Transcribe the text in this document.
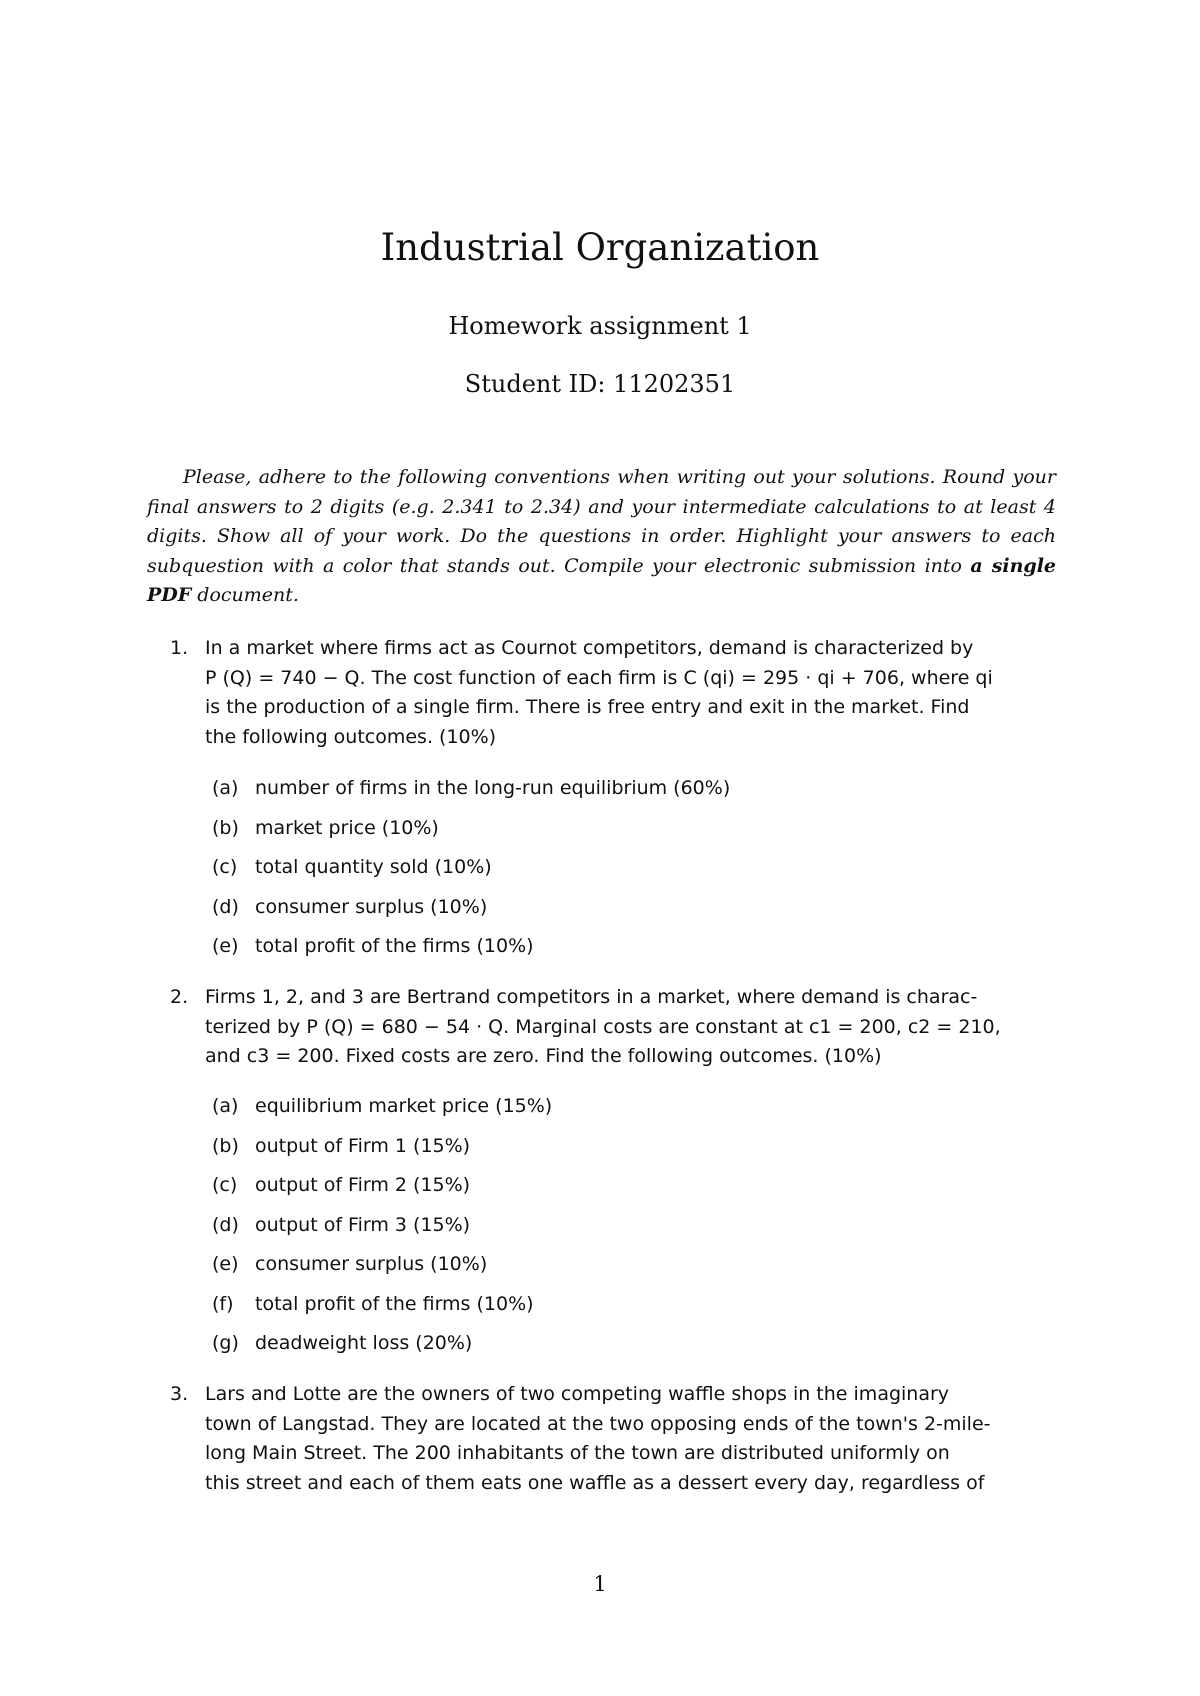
Industrial Organization
Homework assignment 1
Student ID: 11202351

Please, adhere to the following conventions when writing out your solutions. Round your final answers to 2 digits (e.g. 2.341 to 2.34) and your intermediate calculations to at least 4 digits. Show all of your work. Do the questions in order. Highlight your answers to each subquestion with a color that stands out. Compile your electronic submission into a single PDF document.

1. In a market where firms act as Cournot competitors, demand is characterized by
P (Q) = 740 − Q. The cost function of each firm is C (qi) = 295 · qi + 706, where qi
is the production of a single firm. There is free entry and exit in the market. Find
the following outcomes. (10%)
(a) number of firms in the long-run equilibrium (60%)
(b) market price (10%)
(c) total quantity sold (10%)
(d) consumer surplus (10%)
(e) total profit of the firms (10%)
2. Firms 1, 2, and 3 are Bertrand competitors in a market, where demand is charac-
terized by P (Q) = 680 − 54 · Q. Marginal costs are constant at c1 = 200, c2 = 210,
and c3 = 200. Fixed costs are zero. Find the following outcomes. (10%)
(a) equilibrium market price (15%)
(b) output of Firm 1 (15%)
(c) output of Firm 2 (15%)
(d) output of Firm 3 (15%)
(e) consumer surplus (10%)
(f) total profit of the firms (10%)
(g) deadweight loss (20%)
3. Lars and Lotte are the owners of two competing waffle shops in the imaginary
town of Langstad. They are located at the two opposing ends of the town's 2-mile-
long Main Street. The 200 inhabitants of the town are distributed uniformly on
this street and each of them eats one waffle as a dessert every day, regardless of
1
